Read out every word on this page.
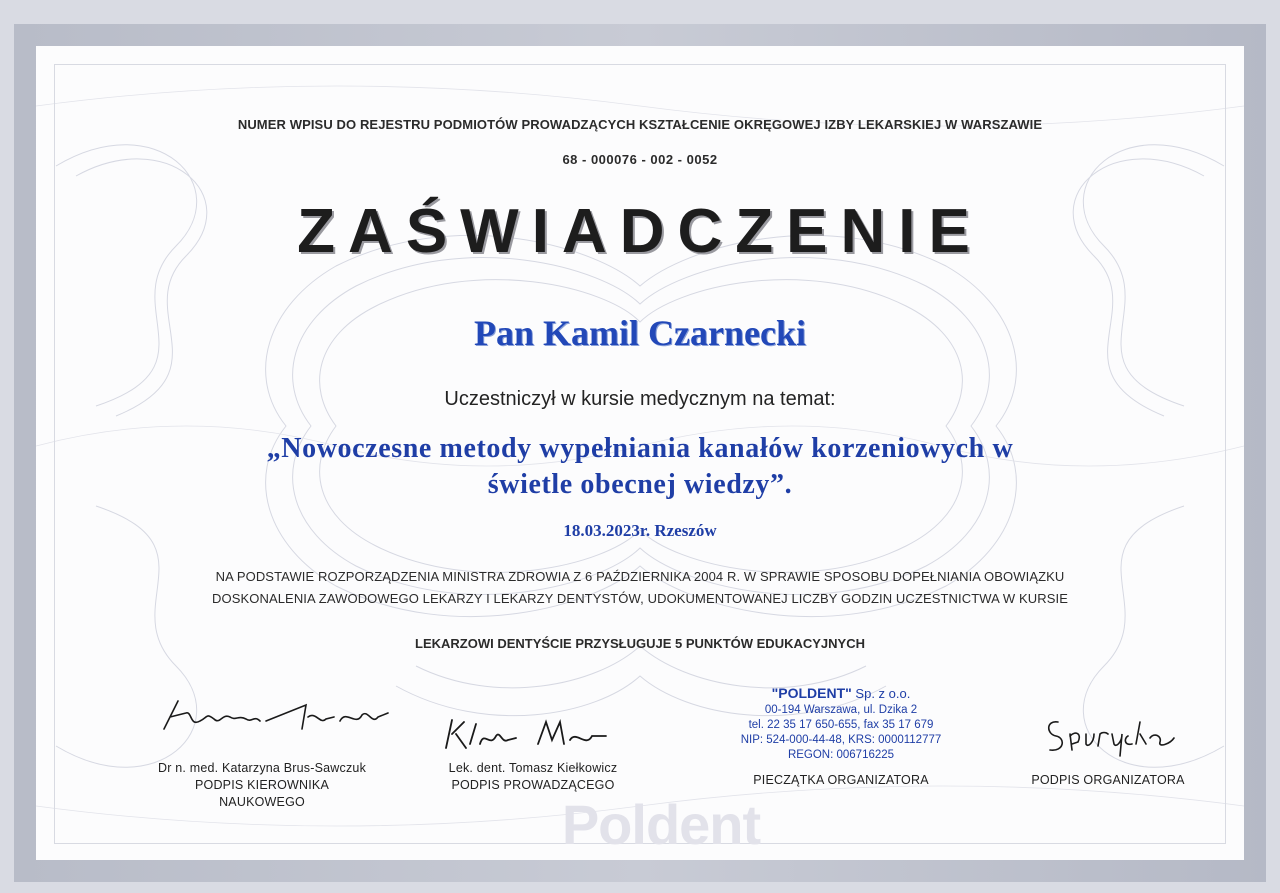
NUMER WPISU DO REJESTRU PODMIOTÓW PROWADZĄCYCH KSZTAŁCENIE OKRĘGOWEJ IZBY LEKARSKIEJ W WARSZAWIE
68 - 000076 - 002 - 0052
ZAŚWIADCZENIE
Pan Kamil Czarnecki
Uczestniczył w kursie medycznym na temat:
„Nowoczesne metody wypełniania kanałów korzeniowych w
świetle obecnej wiedzy”.
18.03.2023r. Rzeszów
NA PODSTAWIE ROZPORZĄDZENIA MINISTRA ZDROWIA Z 6 PAŹDZIERNIKA 2004 R. W SPRAWIE SPOSOBU DOPEŁNIANIA OBOWIĄZKU
DOSKONALENIA ZAWODOWEGO LEKARZY I LEKARZY DENTYSTÓW, UDOKUMENTOWANEJ LICZBY GODZIN UCZESTNICTWA W KURSIE
LEKARZOWI DENTYŚCIE PRZYSŁUGUJE 5 PUNKTÓW EDUKACYJNYCH
Poldent
Dr n. med. Katarzyna Brus-Sawczuk
PODPIS KIEROWNIKA
NAUKOWEGO
Lek. dent. Tomasz Kiełkowicz
PODPIS PROWADZĄCEGO
"POLDENT" Sp. z o.o.
00-194 Warszawa, ul. Dzika 2
tel. 22 35 17 650-655, fax 35 17 679
NIP: 524-000-44-48, KRS: 0000112777
REGON: 006716225
PIECZĄTKA ORGANIZATORA	PODPIS ORGANIZATORA
